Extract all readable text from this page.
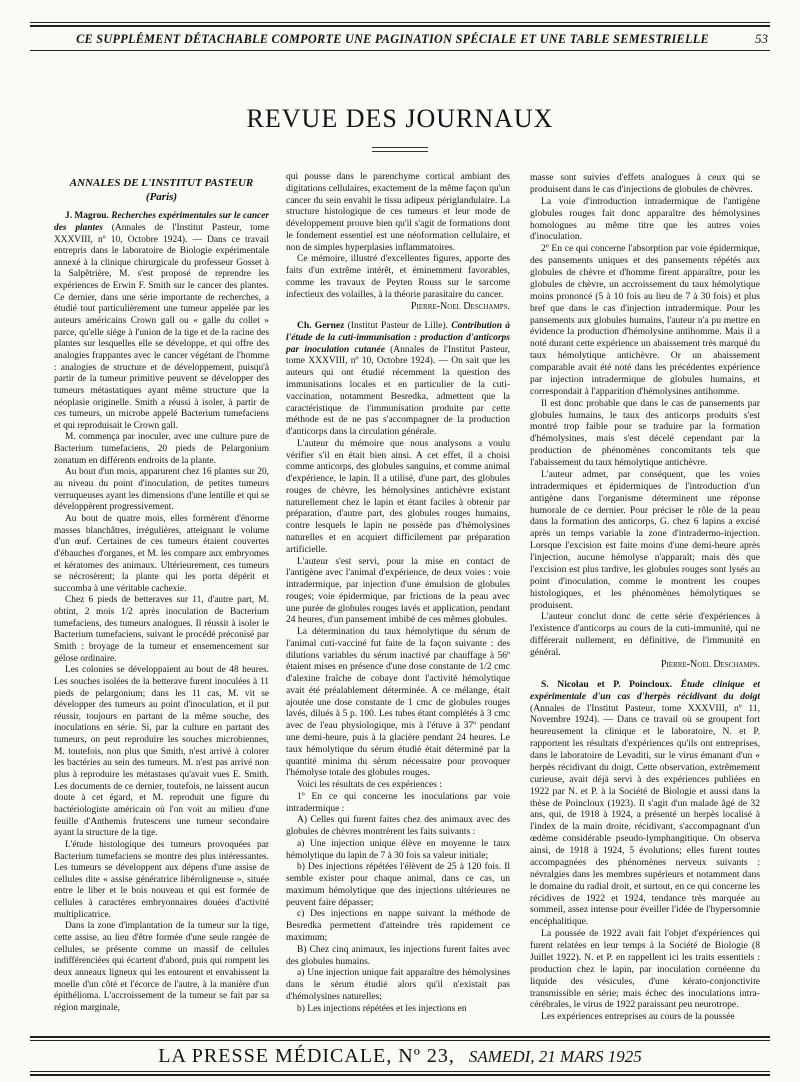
CE SUPPLÉMENT DÉTACHABLE COMPORTE UNE PAGINATION SPÉCIALE ET UNE TABLE SEMESTRIELLE	53
REVUE DES JOURNAUX
ANNALES DE L'INSTITUT PASTEUR
(Paris)

J. Magrou. Recherches expérimentales sur le cancer des plantes (Annales de l'Institut Pasteur, tome XXXVIII, nº 10, Octobre 1924). — Dans ce travail entrepris dans le laboratoire de Biologie expérimentale annexé à la clinique chirurgicale du professeur Gosset à la Salpêtrière, M. s'est proposé de reprendre les expériences de Erwin F. Smith sur le cancer des plantes. Ce dernier, dans une série importante de recherches, a étudié tout particulièrement une tumeur appelée par les auteurs américains Crown gall ou « galle du collet » parce, qu'elle siège à l'union de la tige et de la racine des plantes sur lesquelles elle se développe, et qui offre des analogies frappantes avec le cancer végétant de l'homme : analogies de structure et de développement, puisqu'à partir de la tumeur primitive peuvent se développer des tumeurs métastatiques ayant même structure que la néoplasie originelle. Smith a réussi à isoler, à partir de ces tumeurs, un microbe appelé Bacterium tumefaciens et qui reproduisait le Crown gall.

M. commença par inoculer, avec une culture pure de Bacterium tumefaciens, 20 pieds de Pelargonium zonatum en différents endroits de la plante.

Au bout d'un mois, apparurent chez 16 plantes sur 20, au niveau du point d'inoculation, de petites tumeurs verruqueuses ayant les dimensions d'une lentille et qui se développèrent progressivement.

Au bout de quatre mois, elles formèrent d'énorme masses blanchâtres, irrégulières, atteignant le volume d'un œuf. Certaines de ces tumeurs étaient couvertes d'ébauches d'organes, et M. les compare aux embryomes et kératomes des animaux. Ultérieurement, ces tumeurs se nécrosèrent; la plante qui les porta dépérit et succomba à une véritable cachexie.

Chez 6 pieds de betteraves sur 11, d'autre part, M. obtint, 2 mois 1/2 après inoculation de Bacterium tumefaciens, des tumeurs analogues. Il réussit à isoler le Bacterium tumefaciens, suivant le procédé préconisé par Smith : broyage de la tumeur et ensemencement sur gélose ordinaire.

Les colonies se développaient au bout de 48 heures. Les souches isolées de la betterave furent inoculées à 11 pieds de pelargonium; dans les 11 cas, M. vit se développer des tumeurs au point d'inoculation, et il put réussir, toujours en partant de la même souche, des inoculations en série. Si, par la culture en partant des tumeurs, on peut reproduire les souches microbiennes, M. toutefois, non plus que Smith, n'est arrivé à colorer les bactéries au sein des tumeurs. M. n'est pas arrivé non plus à reproduire les métastases qu'avait vues E. Smith. Les documents de ce dernier, toutefois, ne laissent aucun doute à cet égard, et M. reproduit une figure du bactériologiste américain où l'on voit au milieu d'une feuille d'Anthemis frutescens une tumeur secondaire ayant la structure de la tige.

L'étude histologique des tumeurs provoquées par Bacterium tumefaciens se montre des plus intéressantes. Les tumeurs se développent aux dépens d'une assise de cellules dite « assise génératrice libéroligneuse », située entre le liber et le bois nouveau et qui est formée de cellules à caractères embryonnaires douées d'activité multiplicatrice.

Dans la zone d'implantation de la tumeur sur la tige, cette assise, au lieu d'être formée d'une seule rangée de cellules, se présente comme un massif de cellules indifférenciées qui écartent d'abord, puis qui rompent les deux anneaux ligneux qui les entourent et envahissent la moelle d'un côté et l'écorce de l'autre, à la manière d'un épithélioma. L'accroissement de la tumeur se fait par sa région marginale,

qui pousse dans le parenchyme cortical ambiant des digitations cellulaires, exactement de la même façon qu'un cancer du sein envahit le tissu adipeux périglandulaire. La structure histologique de ces tumeurs et leur mode de développement prouve bien qu'il s'agit de formations dont le fondement essentiel est une néoformation cellulaire, et non de simples hyperplasies inflammatoires.

Ce mémoire, illustré d'excellentes figures, apporte des faits d'un extrême intérêt, et éminemment favorables, comme les travaux de Peyten Rouss sur le sarcome infectieux des volailles, à la théorie parasitaire du cancer.

Pierre-Noel Deschamps.

Ch. Gernez (Institut Pasteur de Lille). Contribution à l'étude de la cuti-immunisation : production d'anticorps par inoculation cutanée (Annales de l'Institut Pasteur, tome XXXVIII, nº 10, Octobre 1924). — On sait que les auteurs qui ont étudié récemment la question des immunisations locales et en particulier de la cuti-vaccination, notamment Besredka, admettent que la caractéristique de l'immunisation produite par cette méthode est de ne pas s'accompagner de la production d'anticorps dans la circulation générale.

L'auteur du mémoire que nous analysons a voulu vérifier s'il en était bien ainsi. A cet effet, il a choisi comme anticorps, des globules sanguins, et comme animal d'expérience, le lapin. Il a utilisé, d'une part, des globules rouges de chèvre, les hémolysines antichèvre existant naturellement chez le lapin et étant faciles à obtenir par préparation, d'autre part, des globules rouges humains, contre lesquels le lapin ne possède pas d'hémolysines naturelles et en acquiert difficilement par préparation artificielle.

L'auteur s'est servi, pour la mise en contact de l'antigène avec l'animal d'expérience, de deux voies : voie intradermique, par injection d'une émulsion de globules rouges; voie épidermique, par frictions de la peau avec une purée de globules rouges lavés et application, pendant 24 heures, d'un pansement imbibé de ces mêmes globules.

La détermination du taux hémolytique du sérum de l'animal cuti-vacciné fut faite de la façon suivante : des dilutions variables du sérum inactivé par chauffage à 56º étaient mises en présence d'une dose constante de 1/2 cmc d'alexine fraîche de cobaye dont l'activité hémolytique avait été préalablement déterminée. A ce mélange, était ajoutée une dose constante de 1 cmc de globules rouges lavés, dilués à 5 p. 100. Les tubes étant complétés à 3 cmc avec de l'eau physiologique, mis à l'étuve à 37º pendant une demi-heure, puis à la glacière pendant 24 heures. Le taux hémolytique du sérum étudié était déterminé par la quantité minima du sérum nécessaire pour provoquer l'hémolyse totale des globules rouges.

Voici les résultats de ces expériences :

1º En ce qui concerne les inoculations par voie intradermique :

A) Celles qui furent faites chez des animaux avec des globules de chèvres montrèrent les faits suivants :

a) Une injection unique élève en moyenne le taux hémolytique du lapin de 7 à 30 fois sa valeur initiale;

b) Des injections répétées l'élèvent de 25 à 120 fois. Il semble exister pour chaque animal, dans ce cas, un maximum hémolytique que des injections ultérieures ne peuvent faire dépasser;

c) Des injections en nappe suivant la méthode de Besredka permettent d'atteindre très rapidement ce maximum;

B) Chez cinq animaux, les injections furent faites avec des globules humains.

a) Une injection unique fait apparaître des hémolysines dans le sérum étudié alors qu'il n'existait pas d'hémolysines naturelles;

b) Les injections répétées et les injections en

masse sont suivies d'effets analogues à ceux qui se produisent dans le cas d'injections de globules de chèvres.

La voie d'introduction intradermique de l'antigène globules rouges fait donc apparaître des hémolysines homologues au même titre que les autres voies d'inoculation.

2º En ce qui concerne l'absorption par voie épidermique, des pansements uniques et des pansements répétés aux globules de chèvre et d'homme firent apparaître, pour les globules de chèvre, un accroissement du taux hémolytique moins prononcé (5 à 10 fois au lieu de 7 à 30 fois) et plus bref que dans le cas d'injection intradermique. Pour les pansements aux globules humains, l'auteur n'a pu mettre en évidence la production d'hémolysine antihomme. Mais il a noté durant cette expérience un abaissement très marqué du taux hémolytique antichèvre. Or un abaissement comparable avait été noté dans les précédentes expérience par injection intradermique de globules humains, et correspondait à l'apparition d'hémolysines antihomme.

Il est donc probable que dans le cas de pansements par globules humains, le taux des anticorps produits s'est montré trop faible pour se traduire par la formation d'hémolysines, mais s'est décelé cependant par la production de phénomènes concomitants tels que l'abaissement du taux hémolytique antichèvre.

L'auteur admet, par conséquent, que les voies intradermiques et épidermiques de l'introduction d'un antigène dans l'organisme déterminent une réponse humorale de ce dernier. Pour préciser le rôle de la peau dans la formation des anticorps, G. chez 6 lapins a excisé après un temps variable la zone d'intradermo-injection. Lorsque l'excision est faite moins d'une demi-heure après l'injection, aucune hémolyse n'apparaît; mais dès que l'excision est plus tardive, les globules rouges sont lysés au point d'inoculation, comme le montrent les coupes histologiques, et les phénomènes hémolytiques se produisent.

L'auteur conclut donc de cette série d'expériences à l'existence d'anticorps au cours de la cuti-immunité, qui ne différerait nullement, en définitive, de l'immunité en général.

Pierre-Noel Deschamps.

S. Nicolau et P. Poincloux. Étude clinique et expérimentale d'un cas d'herpès récidivant du doigt (Annales de l'Institut Pasteur, tome XXXVIII, nº 11, Novembre 1924). — Dans ce travail où se groupent fort heureusement la clinique et le laboratoire, N. et P. rapportent les résultats d'expériences qu'ils ont entreprises, dans le laboratoire de Levaditi, sur le virus émanant d'un « herpès récidivant du doigt. Cette observation, extrêmement curieuse, avait déjà servi à des expériences publiées en 1922 par N. et P. à la Société de Biologie et aussi dans la thèse de Poincloux (1923). Il s'agit d'un malade âgé de 32 ans, qui, de 1918 à 1924, a présenté un herpès localisé à l'index de la main droite, récidivant, s'accompagnant d'un œdème considérable pseudo-lymphangitique. On observa ainsi, de 1918 à 1924, 5 évolutions; elles furent toutes accompagnées des phénomènes nerveux suivants : névralgies dans les membres supérieurs et notamment dans le domaine du radial droit, et surtout, en ce qui concerne les récidives de 1922 et 1924, tendance très marquée au sommeil, assez intense pour éveiller l'idée de l'hypersomnie encéphalitique.

La poussée de 1922 avait fait l'objet d'expériences qui furent relatées en leur temps à la Société de Biologie (8 Juillet 1922). N. et P. en rappellent ici les traits essentiels : production chez le lapin, par inoculation cornéenne du liquide des vésicules, d'une kérato-conjonctivite transmissible en série; mais échec des inoculations intra-cérébrales, le virus de 1922 paraissant peu neurotrope.

Les expériences entreprises au cours de la poussée

LA PRESSE MÉDICALE, Nº 23, SAMEDI, 21 MARS 1925
